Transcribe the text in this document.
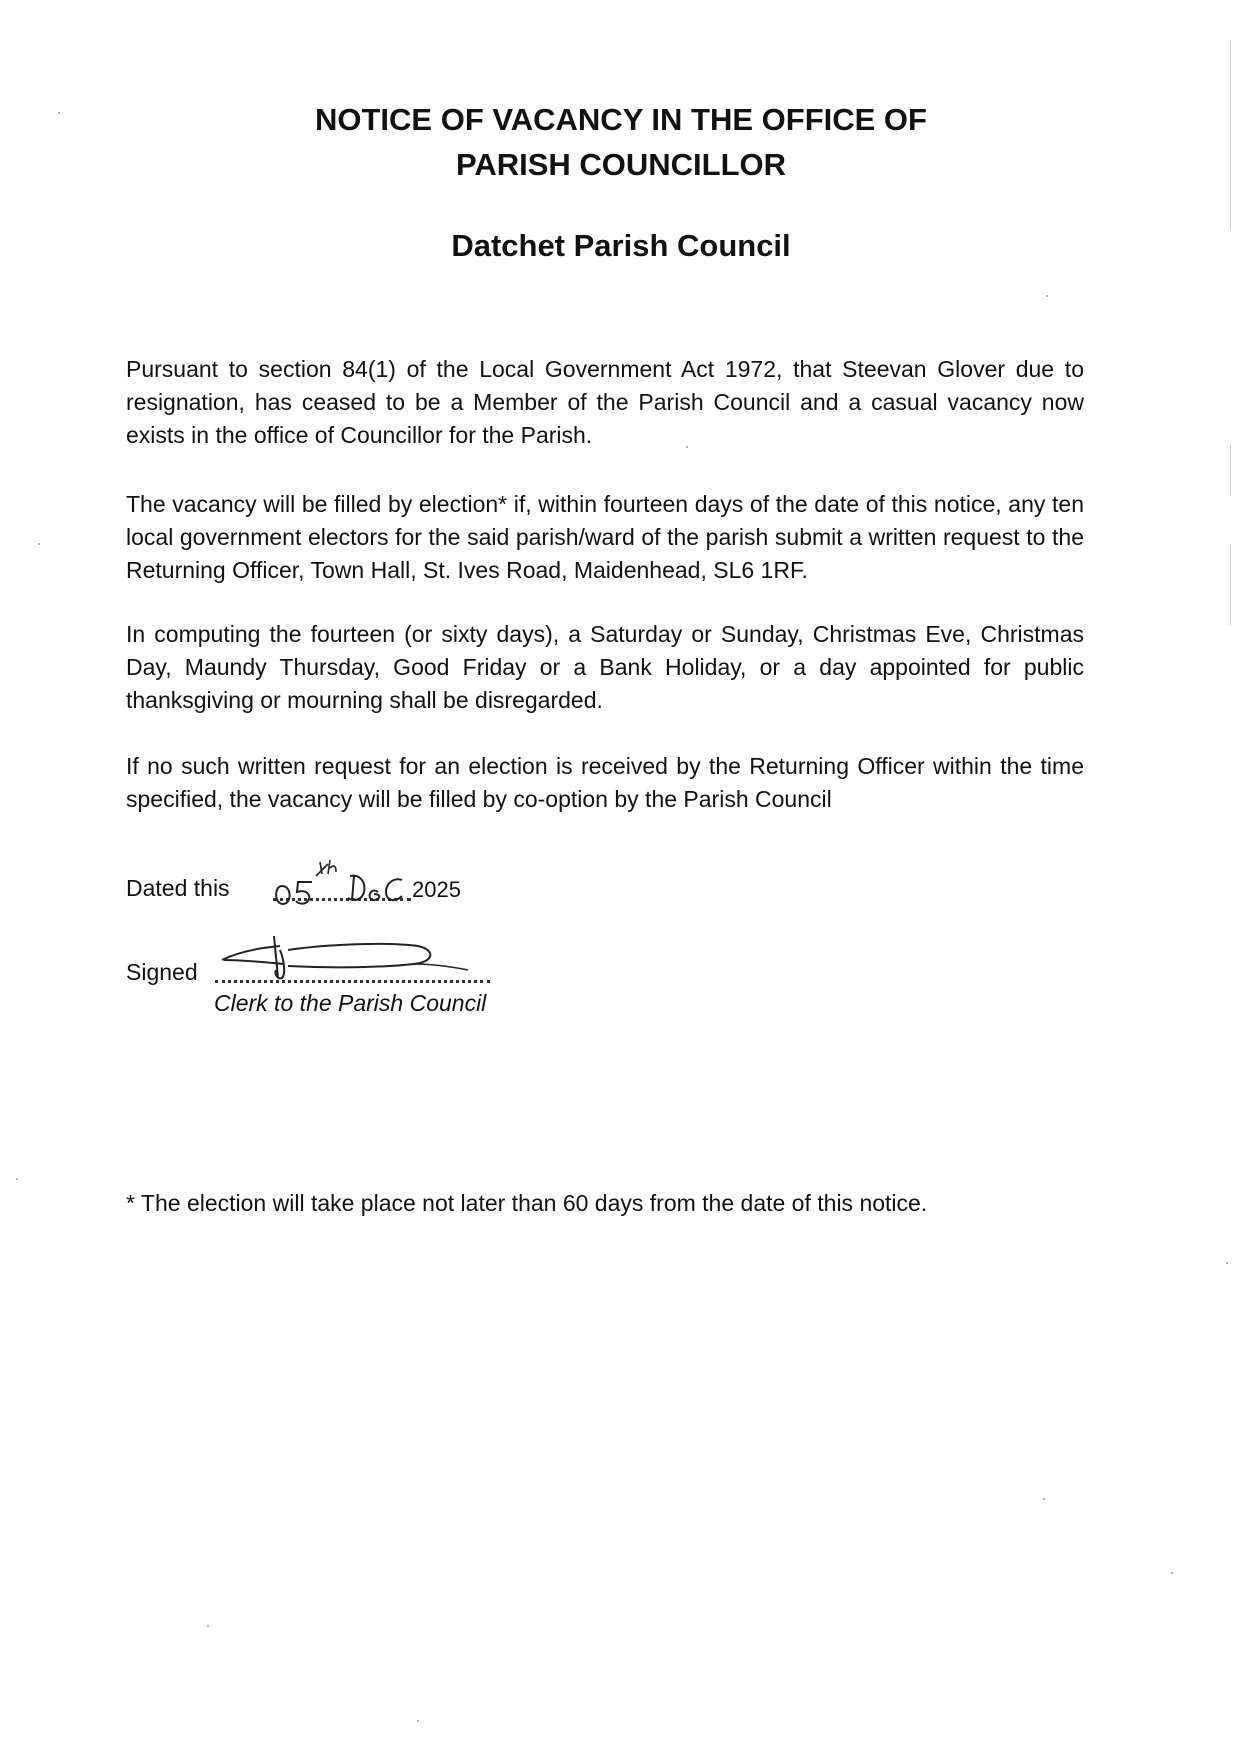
NOTICE OF VACANCY IN THE OFFICE OF
PARISH COUNCILLOR
Datchet Parish Council

Pursuant to section 84(1) of the Local Government Act 1972, that Steevan Glover due to resignation, has ceased to be a Member of the Parish Council and a casual vacancy now exists in the office of Councillor for the Parish.

The vacancy will be filled by election* if, within fourteen days of the date of this notice, any ten local government electors for the said parish/ward of the parish submit a written request to the Returning Officer, Town Hall, St. Ives Road, Maidenhead, SL6 1RF.

In computing the fourteen (or sixty days), a Saturday or Sunday, Christmas Eve, Christmas Day, Maundy Thursday, Good Friday or a Bank Holiday, or a day appointed for public thanksgiving or mourning shall be disregarded.

If no such written request for an election is received by the Returning Officer within the time specified, the vacancy will be filled by co-option by the Parish Council

Dated this	2025
Signed
Clerk to the Parish Council
* The election will take place not later than 60 days from the date of this notice.
